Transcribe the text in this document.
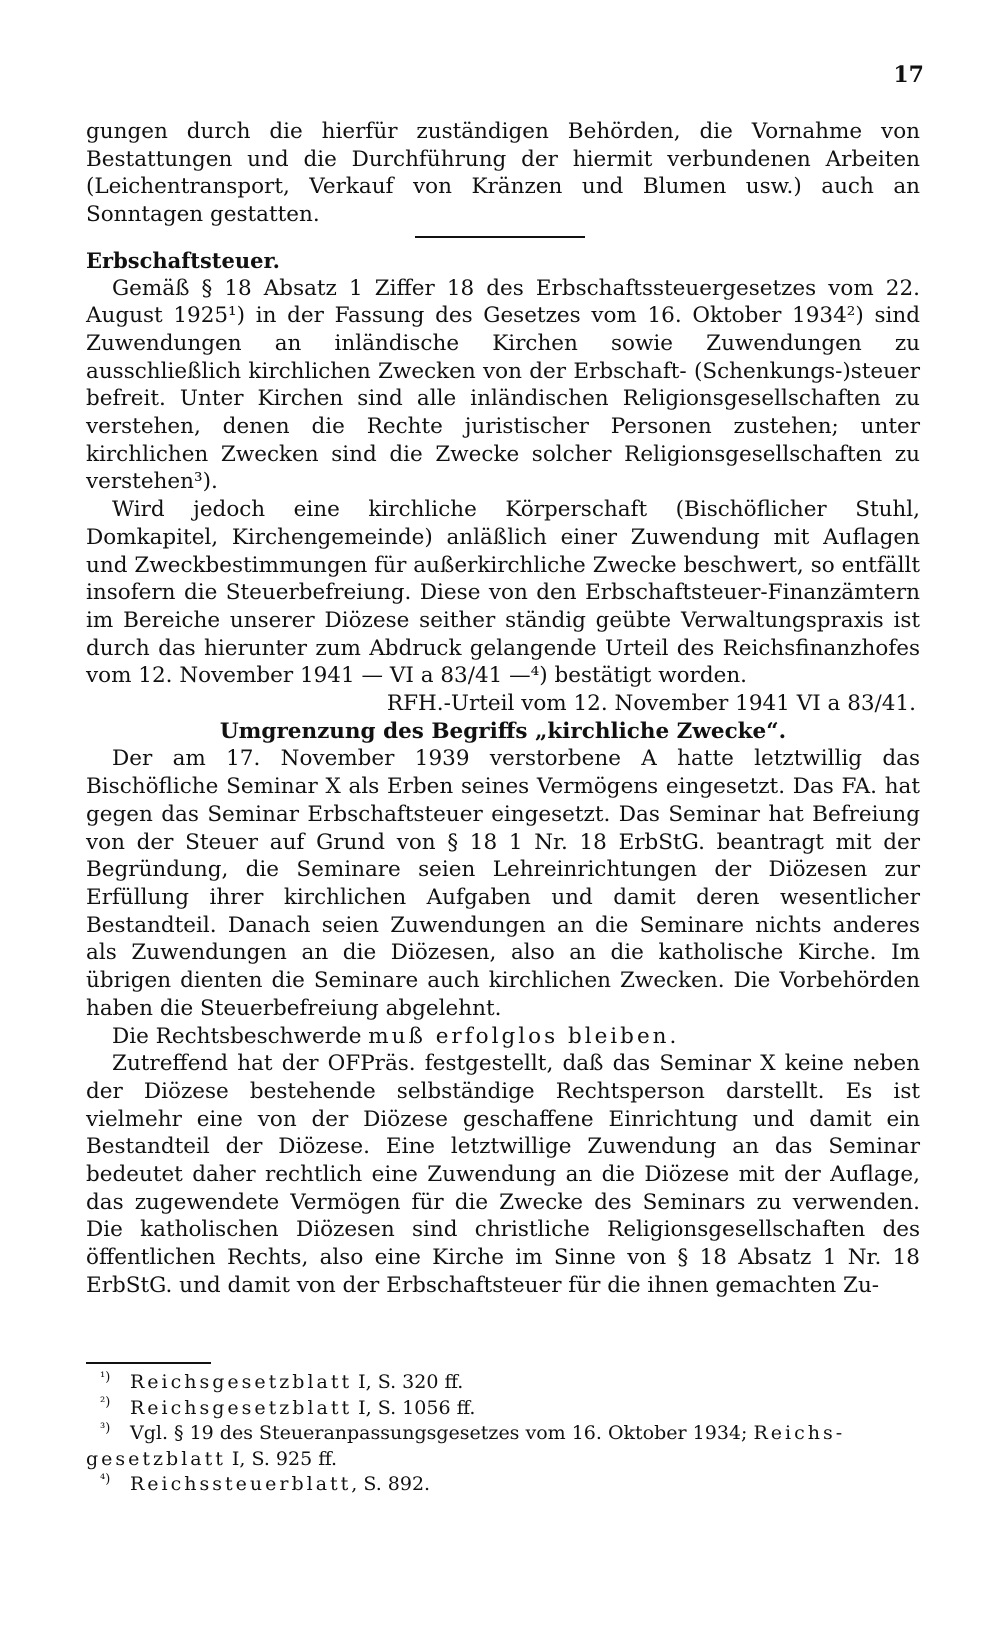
17

gungen durch die hierfür zuständigen Behörden, die Vornahme von Bestattungen und die Durchführung der hiermit verbundenen Arbeiten (Leichentransport, Verkauf von Kränzen und Blumen usw.) auch an Sonntagen gestatten.

Erbschaftsteuer.

Gemäß § 18 Absatz 1 Ziffer 18 des Erbschaftssteuergesetzes vom 22. August 1925¹) in der Fassung des Gesetzes vom 16. Oktober 1934²) sind Zuwendungen an inländische Kirchen sowie Zuwendungen zu ausschließlich kirchlichen Zwecken von der Erbschaft- (Schenkungs-)steuer befreit. Unter Kirchen sind alle inländischen Religionsgesellschaften zu verstehen, denen die Rechte juristischer Personen zustehen; unter kirchlichen Zwecken sind die Zwecke solcher Religionsgesellschaften zu verstehen³).

Wird jedoch eine kirchliche Körperschaft (Bischöflicher Stuhl, Domkapitel, Kirchengemeinde) anläßlich einer Zuwendung mit Auflagen und Zweckbestimmungen für außerkirchliche Zwecke beschwert, so entfällt insofern die Steuerbefreiung. Diese von den Erbschaftsteuer-Finanzämtern im Bereiche unserer Diözese seither ständig geübte Verwaltungspraxis ist durch das hierunter zum Abdruck gelangende Urteil des Reichsfinanzhofes vom 12. November 1941 — VI a 83/41 —⁴) bestätigt worden.

RFH.-Urteil vom 12. November 1941 VI a 83/41.

Umgrenzung des Begriffs „kirchliche Zwecke“.

Der am 17. November 1939 verstorbene A hatte letztwillig das Bischöfliche Seminar X als Erben seines Vermögens eingesetzt. Das FA. hat gegen das Seminar Erbschaftsteuer eingesetzt. Das Seminar hat Befreiung von der Steuer auf Grund von § 18 1 Nr. 18 ErbStG. beantragt mit der Begründung, die Seminare seien Lehreinrichtungen der Diözesen zur Erfüllung ihrer kirchlichen Aufgaben und damit deren wesentlicher Bestandteil. Danach seien Zuwendungen an die Seminare nichts anderes als Zuwendungen an die Diözesen, also an die katholische Kirche. Im übrigen dienten die Seminare auch kirchlichen Zwecken. Die Vorbehörden haben die Steuerbefreiung abgelehnt.

Die Rechtsbeschwerde muß erfolglos bleiben.

Zutreffend hat der OFPräs. festgestellt, daß das Seminar X keine neben der Diözese bestehende selbständige Rechtsperson darstellt. Es ist vielmehr eine von der Diözese geschaffene Einrichtung und damit ein Bestandteil der Diözese. Eine letztwillige Zuwendung an das Seminar bedeutet daher rechtlich eine Zuwendung an die Diözese mit der Auflage, das zugewendete Vermögen für die Zwecke des Seminars zu verwenden. Die katholischen Diözesen sind christliche Religionsgesellschaften des öffentlichen Rechts, also eine Kirche im Sinne von § 18 Absatz 1 Nr. 18 ErbStG. und damit von der Erbschaftsteuer für die ihnen gemachten Zu-

¹) Reichsgesetzblatt I, S. 320 ff.

²) Reichsgesetzblatt I, S. 1056 ff.

³) Vgl. § 19 des Steueranpassungsgesetzes vom 16. Oktober 1934; Reichs-

gesetzblatt I, S. 925 ff.

⁴) Reichssteuerblatt, S. 892.
